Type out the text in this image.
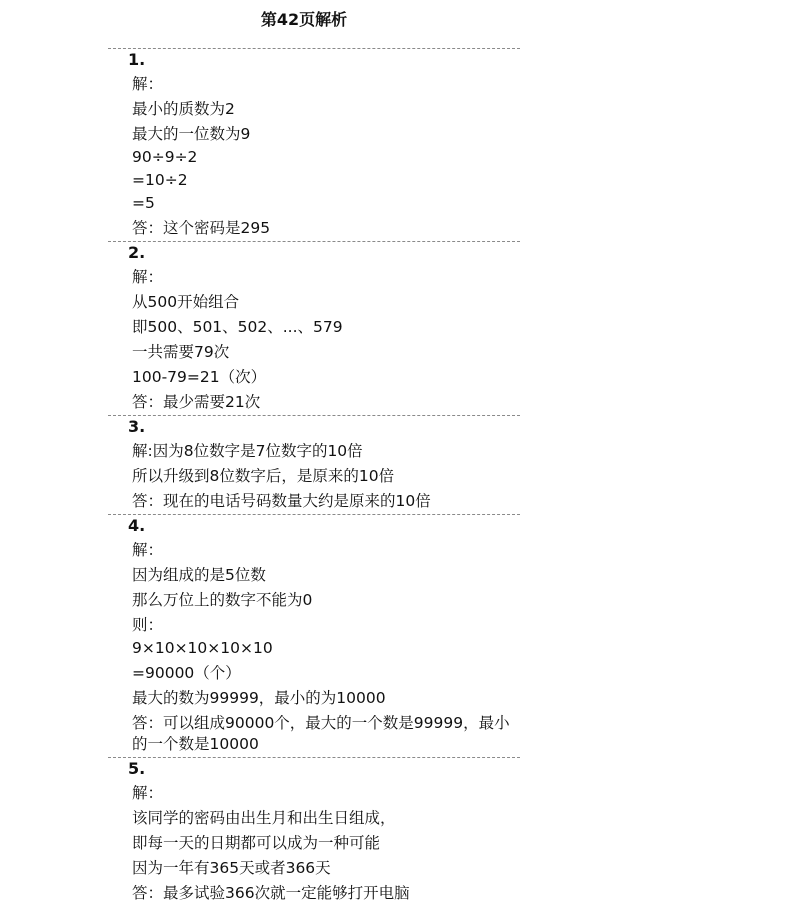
第42页解析
1.
解：
最小的质数为2
最大的一位数为9
90÷9÷2
=10÷2
=5
答：这个密码是295
2.
解：
从500开始组合
即500、501、502、...、579
一共需要79次
100-79=21（次）
答：最少需要21次
3.
解:因为8位数字是7位数字的10倍
所以升级到8位数字后，是原来的10倍
答：现在的电话号码数量大约是原来的10倍
4.
解：
因为组成的是5位数
那么万位上的数字不能为0
则：
9×10×10×10×10
=90000（个）
最大的数为99999，最小的为10000
答：可以组成90000个，最大的一个数是99999，最小的一个数是10000
5.
解：
该同学的密码由出生月和出生日组成，
即每一天的日期都可以成为一种可能
因为一年有365天或者366天
答：最多试验366次就一定能够打开电脑
